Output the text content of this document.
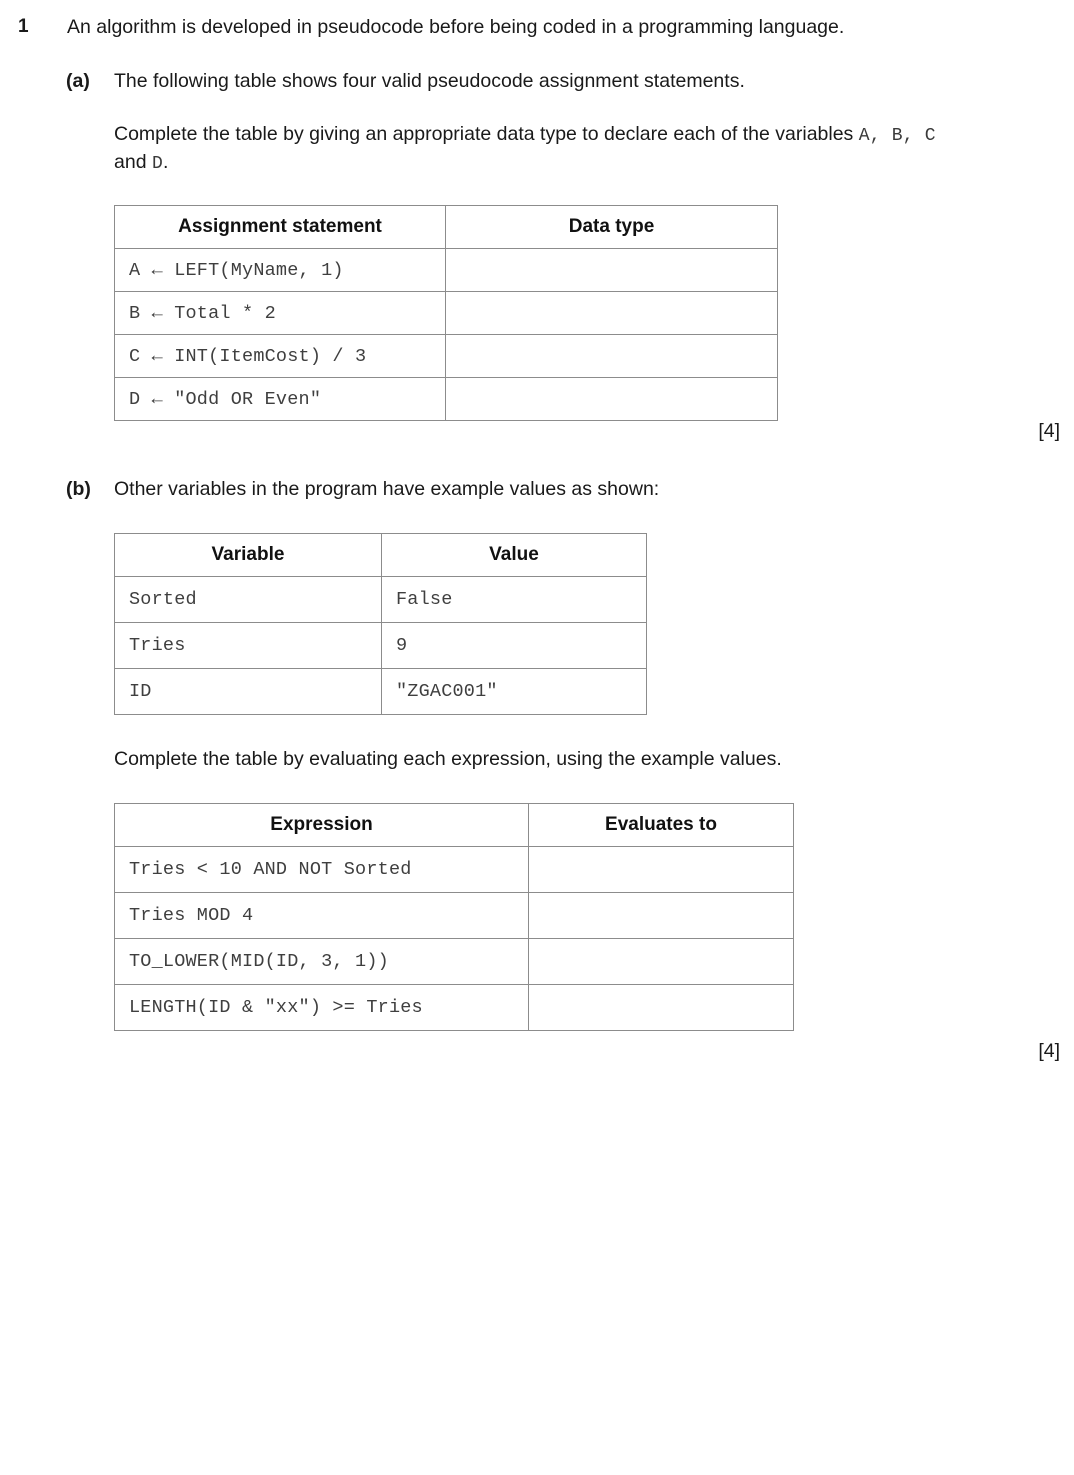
1	An algorithm is developed in pseudocode before being coded in a programming language.
(a)	The following table shows four valid pseudocode assignment statements.
Complete the table by giving an appropriate data type to declare each of the variables A, B, C
and D.
Assignment statement	Data type
A ← LEFT(MyName, 1)	
B ← Total * 2	
C ← INT(ItemCost) / 3	
D ← "Odd OR Even"	
[4]
(b)	Other variables in the program have example values as shown:
Variable	Value
Sorted	False
Tries	9
ID	"ZGAC001"
Complete the table by evaluating each expression, using the example values.
Expression	Evaluates to
Tries < 10 AND NOT Sorted	
Tries MOD 4	
TO_LOWER(MID(ID, 3, 1))	
LENGTH(ID & "xx") >= Tries	
[4]
